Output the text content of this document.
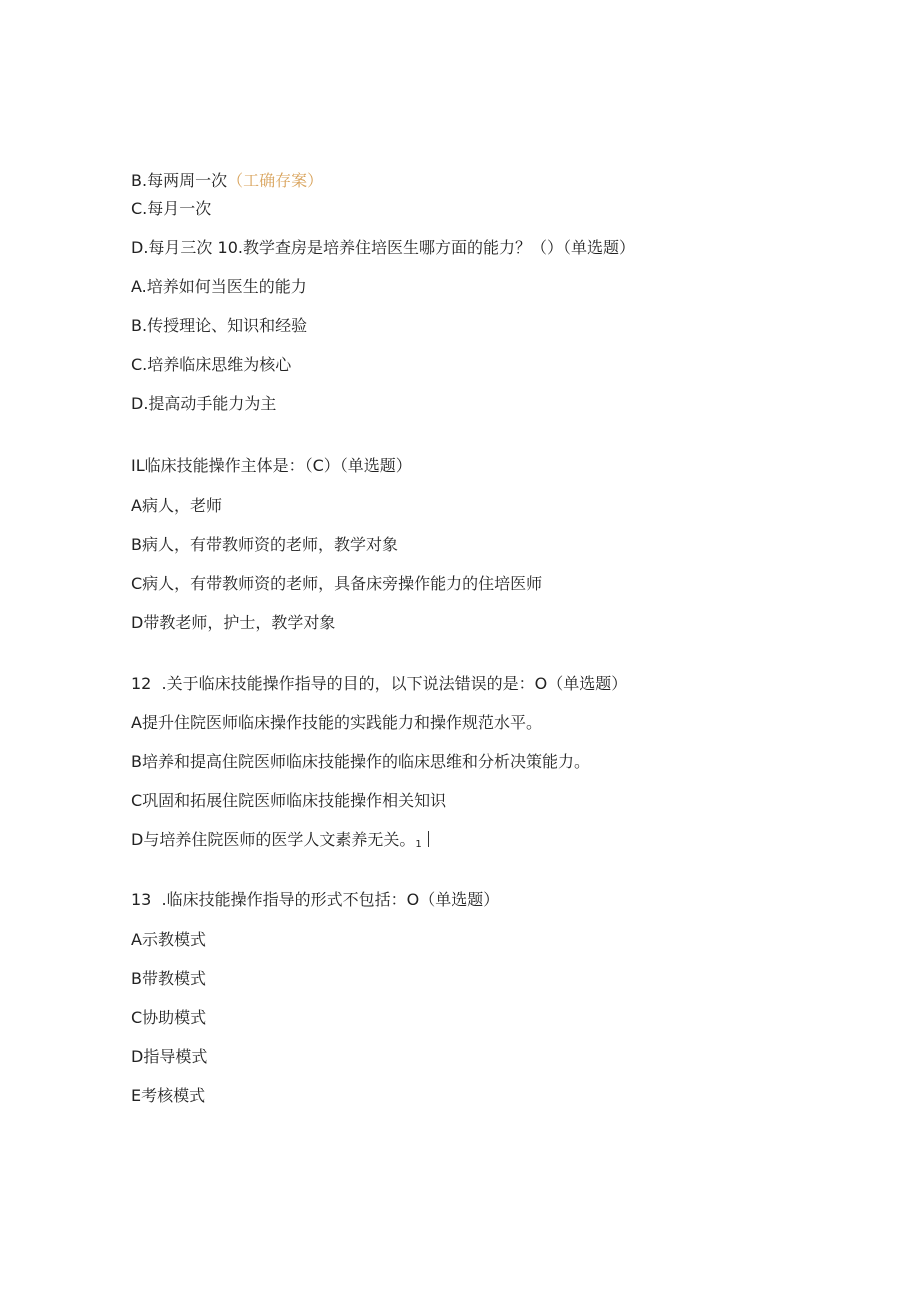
B.每两周一次（工确存案）
C.每月一次
D.每月三次 10.教学查房是培养住培医生哪方面的能力？（）（单选题）
A.培养如何当医生的能力
B.传授理论、知识和经验
C.培养临床思维为核心
D.提高动手能力为主
IL临床技能操作主体是：（C）（单选题）
A病人，老师
B病人，有带教师资的老师，教学对象
C病人，有带教师资的老师，具备床旁操作能力的住培医师
D带教老师，护士，教学对象
12 .关于临床技能操作指导的目的，以下说法错误的是：O（单选题）
A提升住院医师临床操作技能的实践能力和操作规范水平。
B培养和提高住院医师临床技能操作的临床思维和分析决策能力。
C巩固和拓展住院医师临床技能操作相关知识
D与培养住院医师的医学人文素养无关。1
13 .临床技能操作指导的形式不包括：O（单选题）
A示教模式
B带教模式
C协助模式
D指导模式
E考核模式
